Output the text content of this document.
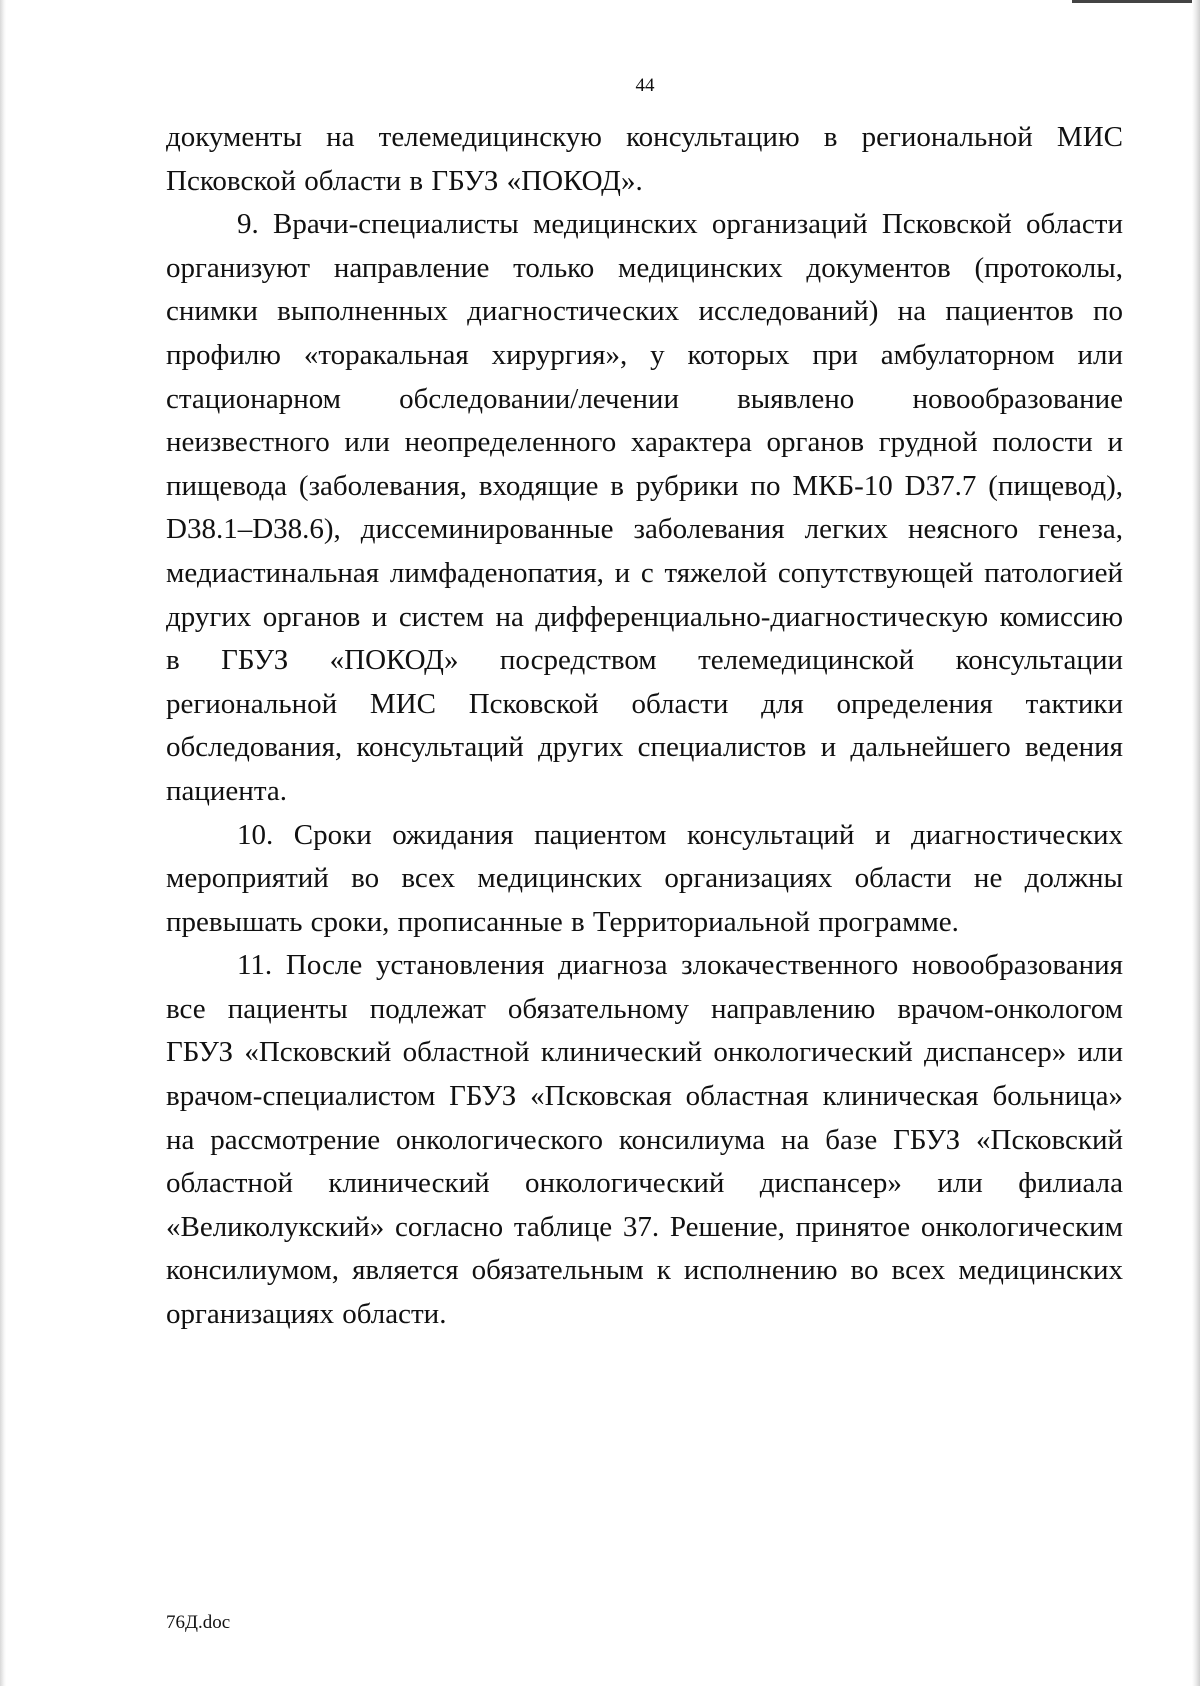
44

документы на телемедицинскую консультацию в региональной МИС Псковской области в ГБУЗ «ПОКОД».

9. Врачи-специалисты медицинских организаций Псковской области организуют направление только медицинских документов (протоколы, снимки выполненных диагностических исследований) на пациентов по профилю «торакальная хирургия», у которых при амбулаторном или стационарном обследовании/лечении выявлено новообразование неизвестного или неопределенного характера органов грудной полости и пищевода (заболевания, входящие в рубрики по МКБ-10 D37.7 (пищевод), D38.1–D38.6), диссеминированные заболевания легких неясного генеза, медиастинальная лимфаденопатия, и с тяжелой сопутствующей патологией других органов и систем на дифференциально-диагностическую комиссию в ГБУЗ «ПОКОД» посредством телемедицинской консультации региональной МИС Псковской области для определения тактики обследования, консультаций других специалистов и дальнейшего ведения пациента.

10. Сроки ожидания пациентом консультаций и диагностических мероприятий во всех медицинских организациях области не должны превышать сроки, прописанные в Территориальной программе.

11. После установления диагноза злокачественного новообразования все пациенты подлежат обязательному направлению врачом-онкологом ГБУЗ «Псковский областной клинический онкологический диспансер» или врачом-специалистом ГБУЗ «Псковская областная клиническая больница» на рассмотрение онкологического консилиума на базе ГБУЗ «Псковский областной клинический онкологический диспансер» или филиала «Великолукский» согласно таблице 37. Решение, принятое онкологическим консилиумом, является обязательным к исполнению во всех медицинских организациях области.

76Д.doc
